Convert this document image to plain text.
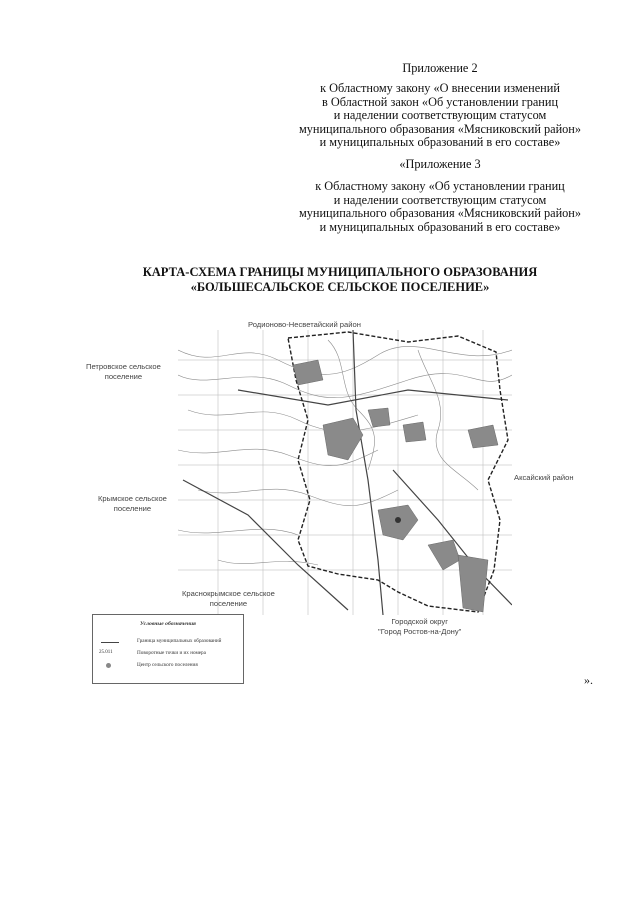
Приложение 2

к Областному закону «О внесении изменений

в Областной закон «Об установлении границ

и наделении соответствующим статусом

муниципального образования «Мясниковский район»

и муниципальных образований в его составе»

«Приложение 3

к Областному закону «Об установлении границ

и наделении соответствующим статусом

муниципального образования «Мясниковский район»

и муниципальных образований в его составе»

КАРТА-СХЕМА ГРАНИЦЫ МУНИЦИПАЛЬНОГО ОБРАЗОВАНИЯ
«БОЛЬШЕСАЛЬСКОЕ СЕЛЬСКОЕ ПОСЕЛЕНИЕ»
Родионово-Несветайский район
Петровское сельское
поселение
Крымское сельское
поселение
Краснокрымское сельское
поселение
Аксайский район
Городской округ
"Город Ростов-на-Дону"
Условные обозначения
Граница муниципальных образований
25.011	Поворотные точки и их номера
Центр сельского поселения
».
